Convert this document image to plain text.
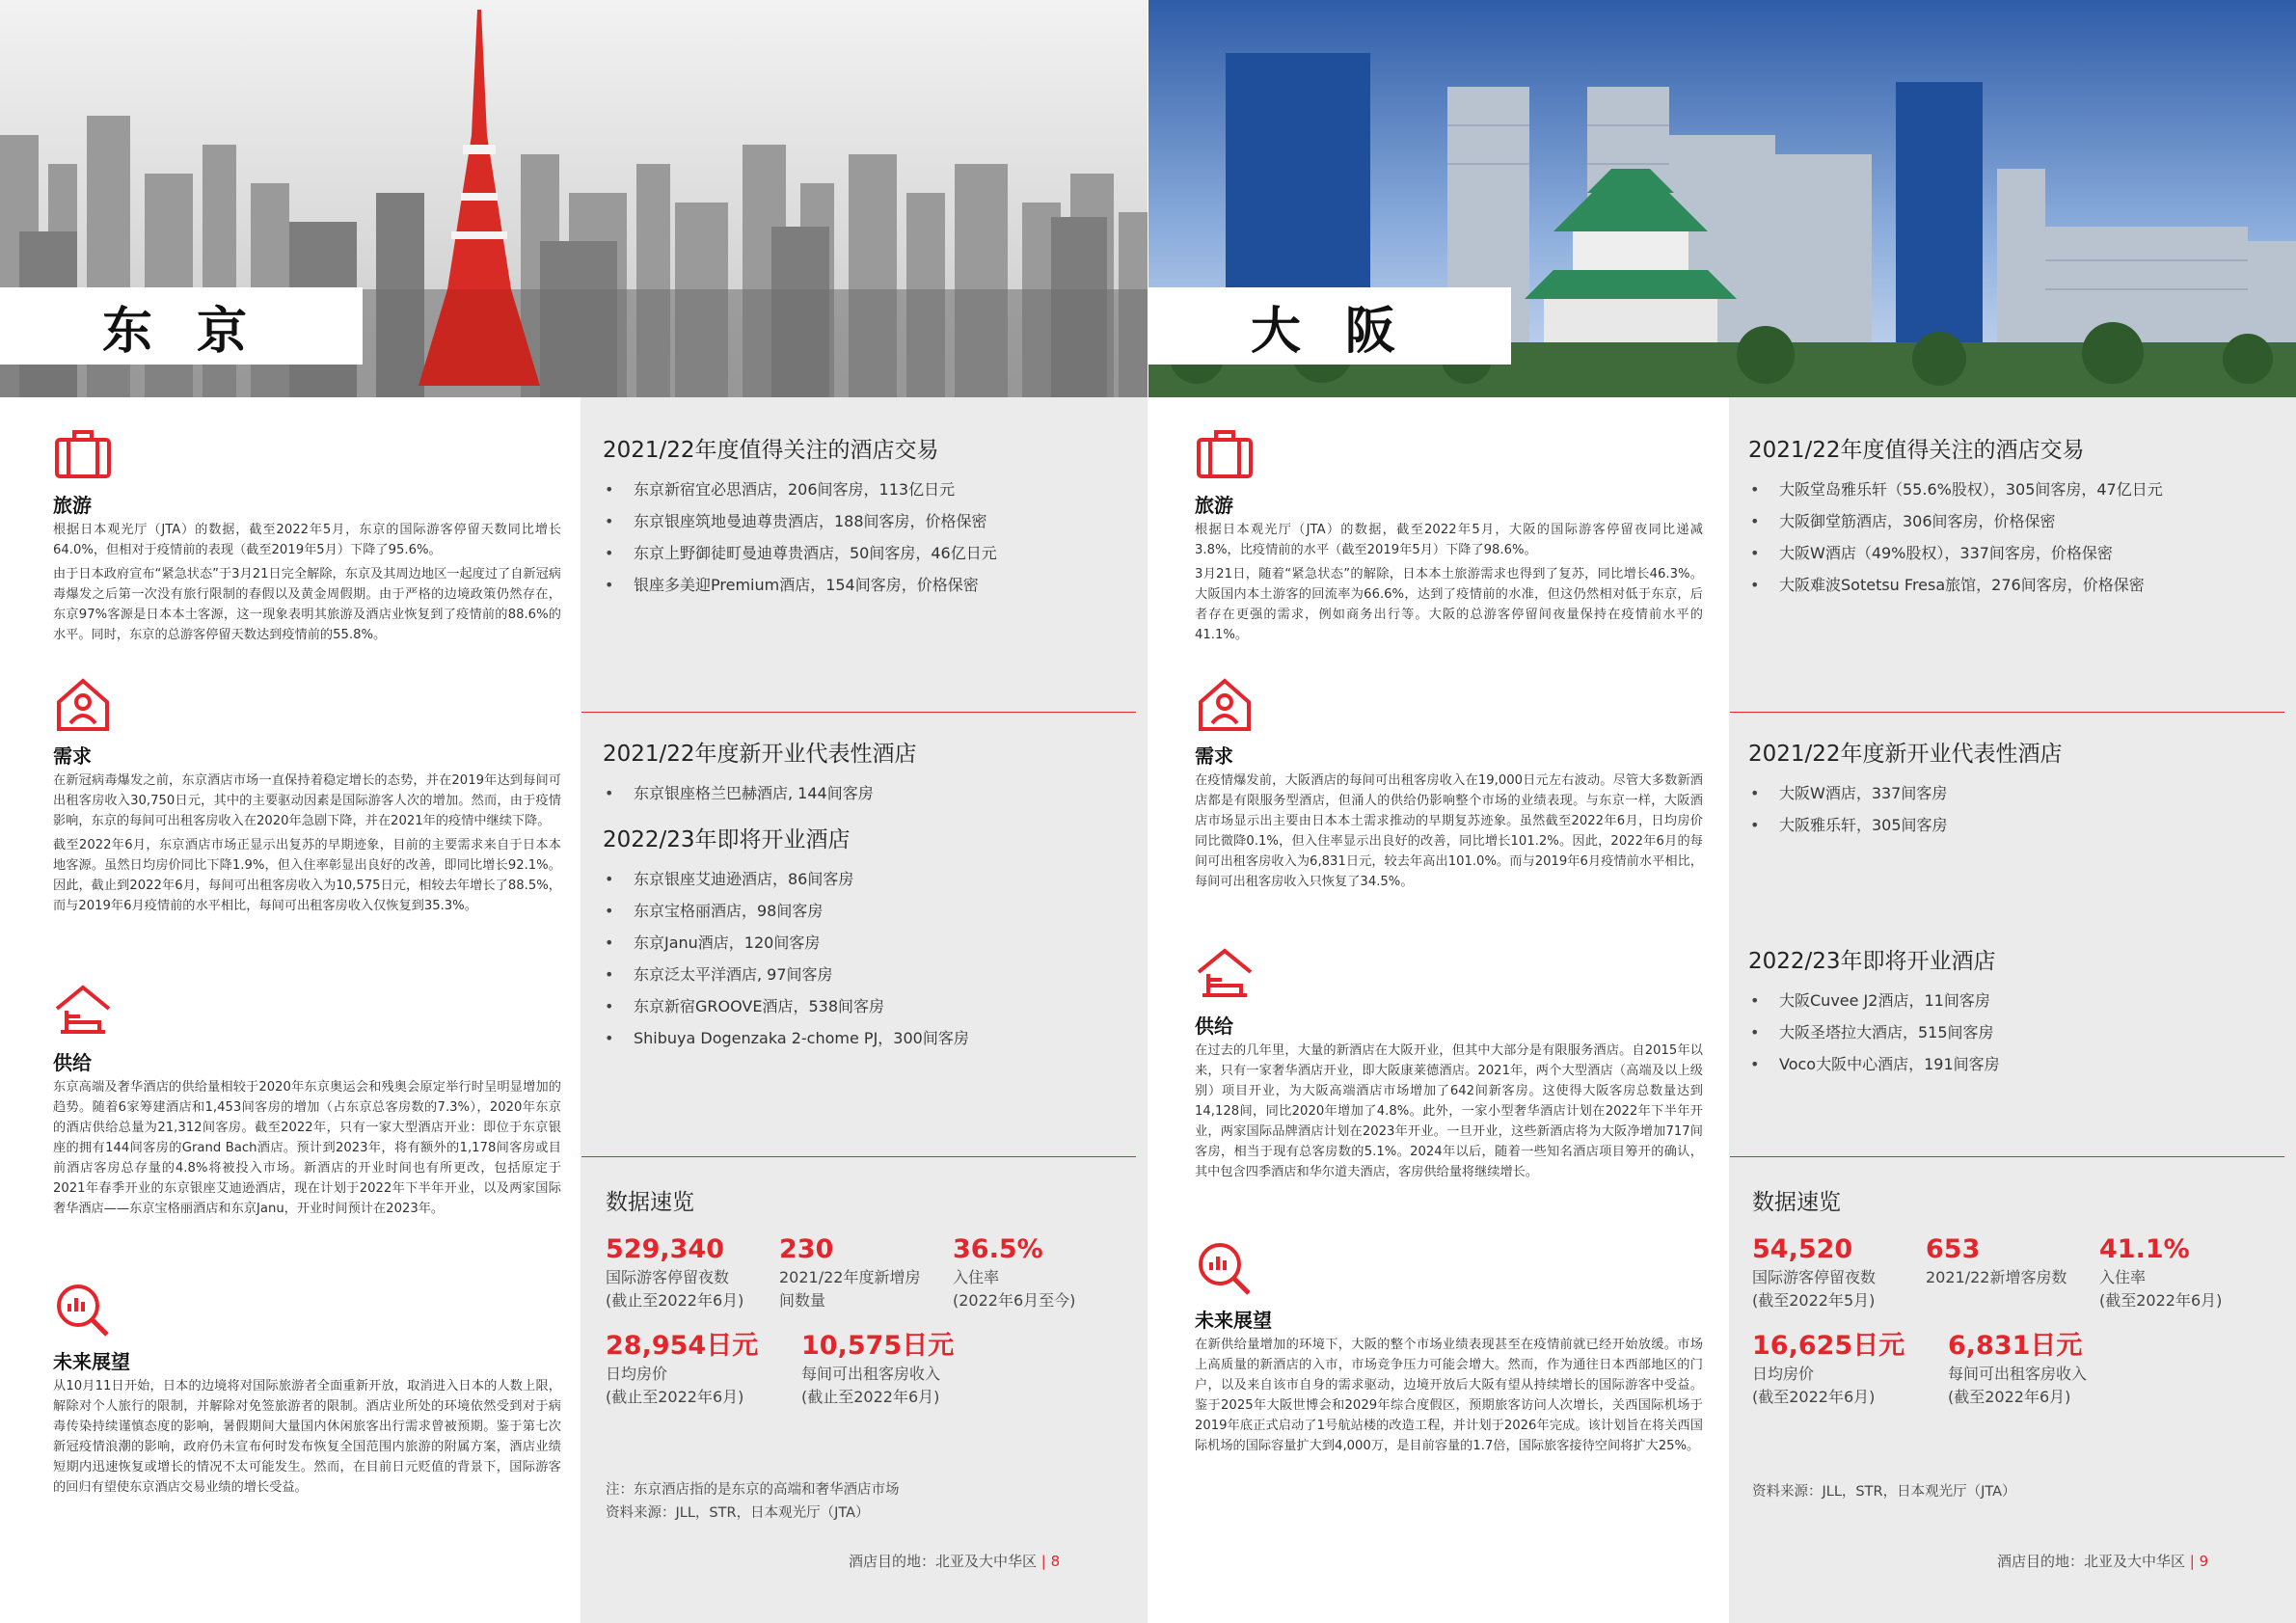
东 京
旅游

根据日本观光厅（JTA）的数据，截至2022年5月，东京的国际游客停留天数同比增长64.0%，但相对于疫情前的表现（截至2019年5月）下降了95.6%。

由于日本政府宣布“紧急状态”于3月21日完全解除，东京及其周边地区一起度过了自新冠病毒爆发之后第一次没有旅行限制的春假以及黄金周假期。由于严格的边境政策仍然存在，东京97%客源是日本本土客源，这一现象表明其旅游及酒店业恢复到了疫情前的88.6%的水平。同时，东京的总游客停留天数达到疫情前的55.8%。

需求

在新冠病毒爆发之前，东京酒店市场一直保持着稳定增长的态势，并在2019年达到每间可出租客房收入30,750日元，其中的主要驱动因素是国际游客人次的增加。然而，由于疫情影响，东京的每间可出租客房收入在2020年急剧下降，并在2021年的疫情中继续下降。

截至2022年6月，东京酒店市场正显示出复苏的早期迹象，目前的主要需求来自于日本本地客源。虽然日均房价同比下降1.9%，但入住率彰显出良好的改善，即同比增长92.1%。因此，截止到2022年6月，每间可出租客房收入为10,575日元，相较去年增长了88.5%，而与2019年6月疫情前的水平相比，每间可出租客房收入仅恢复到35.3%。

供给

东京高端及奢华酒店的供给量相较于2020年东京奥运会和残奥会原定举行时呈明显增加的趋势。随着6家筹建酒店和1,453间客房的增加（占东京总客房数的7.3%），2020年东京的酒店供给总量为21,312间客房。截至2022年，只有一家大型酒店开业：即位于东京银座的拥有144间客房的Grand Bach酒店。预计到2023年，将有额外的1,178间客房或目前酒店客房总存量的4.8%将被投入市场。新酒店的开业时间也有所更改，包括原定于2021年春季开业的东京银座艾迪逊酒店，现在计划于2022年下半年开业，以及两家国际奢华酒店——东京宝格丽酒店和东京Janu，开业时间预计在2023年。

未来展望

从10月11日开始，日本的边境将对国际旅游者全面重新开放，取消进入日本的人数上限，解除对个人旅行的限制，并解除对免签旅游者的限制。酒店业所处的环境依然受到对于病毒传染持续谨慎态度的影响，暑假期间大量国内休闲旅客出行需求曾被预期。鉴于第七次新冠疫情浪潮的影响，政府仍未宣布何时发布恢复全国范围内旅游的附属方案，酒店业绩短期内迅速恢复或增长的情况不太可能发生。然而，在目前日元贬值的背景下，国际游客的回归有望使东京酒店交易业绩的增长受益。

2021/22年度值得关注的酒店交易
• 东京新宿宜必思酒店，206间客房，113亿日元
• 东京银座筑地曼迪尊贵酒店，188间客房，价格保密
• 东京上野御徒町曼迪尊贵酒店，50间客房，46亿日元
• 银座多美迎Premium酒店，154间客房，价格保密
2021/22年度新开业代表性酒店
• 东京银座格兰巴赫酒店, 144间客房
2022/23年即将开业酒店
• 东京银座艾迪逊酒店，86间客房
• 东京宝格丽酒店，98间客房
• 东京Janu酒店，120间客房
• 东京泛太平洋酒店, 97间客房
• 东京新宿GROOVE酒店，538间客房
• Shibuya Dogenzaka 2-chome PJ，300间客房
数据速览
529,340
国际游客停留夜数
(截止至2022年6月)
230
2021/22年度新增房
间数量
36.5%
入住率
(2022年6月至今)
28,954日元
日均房价
(截止至2022年6月)
10,575日元
每间可出租客房收入
(截止至2022年6月)
注：东京酒店指的是东京的高端和奢华酒店市场
资料来源：JLL，STR，日本观光厅（JTA）
酒店目的地：北亚及大中华区 | 8
大 阪
旅游

根据日本观光厅（JTA）的数据，截至2022年5月，大阪的国际游客停留夜同比递减3.8%，比疫情前的水平（截至2019年5月）下降了98.6%。

3月21日，随着“紧急状态”的解除，日本本土旅游需求也得到了复苏，同比增长46.3%。大阪国内本土游客的回流率为66.6%，达到了疫情前的水准，但这仍然相对低于东京，后者存在更强的需求，例如商务出行等。大阪的总游客停留间夜量保持在疫情前水平的41.1%。

需求

在疫情爆发前，大阪酒店的每间可出租客房收入在19,000日元左右波动。尽管大多数新酒店都是有限服务型酒店，但涌人的供给仍影响整个市场的业绩表现。与东京一样，大阪酒店市场显示出主要由日本本土需求推动的早期复苏迹象。虽然截至2022年6月，日均房价同比微降0.1%，但入住率显示出良好的改善，同比增长101.2%。因此，2022年6月的每间可出租客房收入为6,831日元，较去年高出101.0%。而与2019年6月疫情前水平相比，每间可出租客房收入只恢复了34.5%。

供给

在过去的几年里，大量的新酒店在大阪开业，但其中大部分是有限服务酒店。自2015年以来，只有一家奢华酒店开业，即大阪康莱德酒店。2021年，两个大型酒店（高端及以上级别）项目开业，为大阪高端酒店市场增加了642间新客房。这使得大阪客房总数量达到14,128间，同比2020年增加了4.8%。此外，一家小型奢华酒店计划在2022年下半年开业，两家国际品牌酒店计划在2023年开业。一旦开业，这些新酒店将为大阪净增加717间客房，相当于现有总客房数的5.1%。2024年以后，随着一些知名酒店项目筹开的确认，其中包含四季酒店和华尔道夫酒店，客房供给量将继续增长。

未来展望

在新供给量增加的环境下，大阪的整个市场业绩表现甚至在疫情前就已经开始放缓。市场上高质量的新酒店的入市，市场竞争压力可能会增大。然而，作为通往日本西部地区的门户，以及来自该市自身的需求驱动，边境开放后大阪有望从持续增长的国际游客中受益。鉴于2025年大阪世博会和2029年综合度假区，预期旅客访问人次增长，关西国际机场于2019年底正式启动了1号航站楼的改造工程，并计划于2026年完成。该计划旨在将关西国际机场的国际容量扩大到4,000万，是目前容量的1.7倍，国际旅客接待空间将扩大25%。

2021/22年度值得关注的酒店交易
• 大阪堂岛雅乐轩（55.6%股权），305间客房，47亿日元
• 大阪御堂筋酒店，306间客房，价格保密
• 大阪W酒店（49%股权），337间客房，价格保密
• 大阪难波Sotetsu Fresa旅馆，276间客房，价格保密
2021/22年度新开业代表性酒店
• 大阪W酒店，337间客房
• 大阪雅乐轩，305间客房
2022/23年即将开业酒店
• 大阪Cuvee J2酒店，11间客房
• 大阪圣塔拉大酒店，515间客房
• Voco大阪中心酒店，191间客房
数据速览
54,520
国际游客停留夜数
(截至2022年5月)
653
2021/22新增客房数
41.1%
入住率
(截至2022年6月)
16,625日元
日均房价
(截至2022年6月)
6,831日元
每间可出租客房收入
(截至2022年6月)
资料来源：JLL，STR，日本观光厅（JTA）
酒店目的地：北亚及大中华区 | 9
